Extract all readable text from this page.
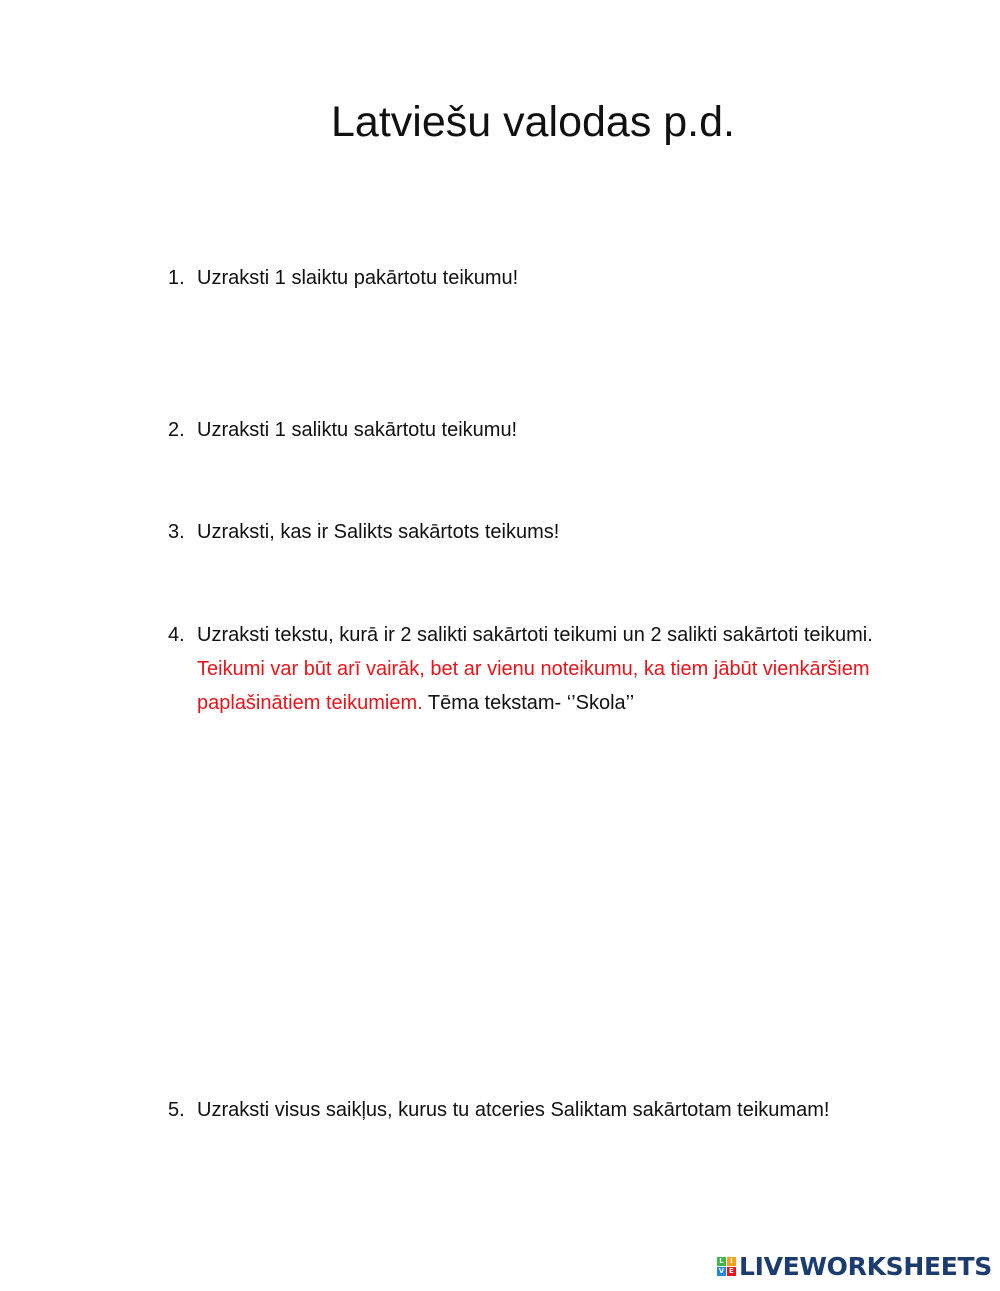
Latviešu valodas p.d.
1. Uzraksti 1 slaiktu pakārtotu teikumu!
2. Uzraksti 1 saliktu sakārtotu teikumu!
3. Uzraksti, kas ir Salikts sakārtots teikums!
4. Uzraksti tekstu, kurā ir 2 salikti sakārtoti teikumi un 2 salikti sakārtoti teikumi. Teikumi var būt arī vairāk, bet ar vienu noteikumu, ka tiem jābūt vienkāršiem paplašinātiem teikumiem. Tēma tekstam- ‘’Skola’’
5. Uzraksti visus saikļus, kurus tu atceries Saliktam sakārtotam teikumam!
L I
V E LIVEWORKSHEETS
